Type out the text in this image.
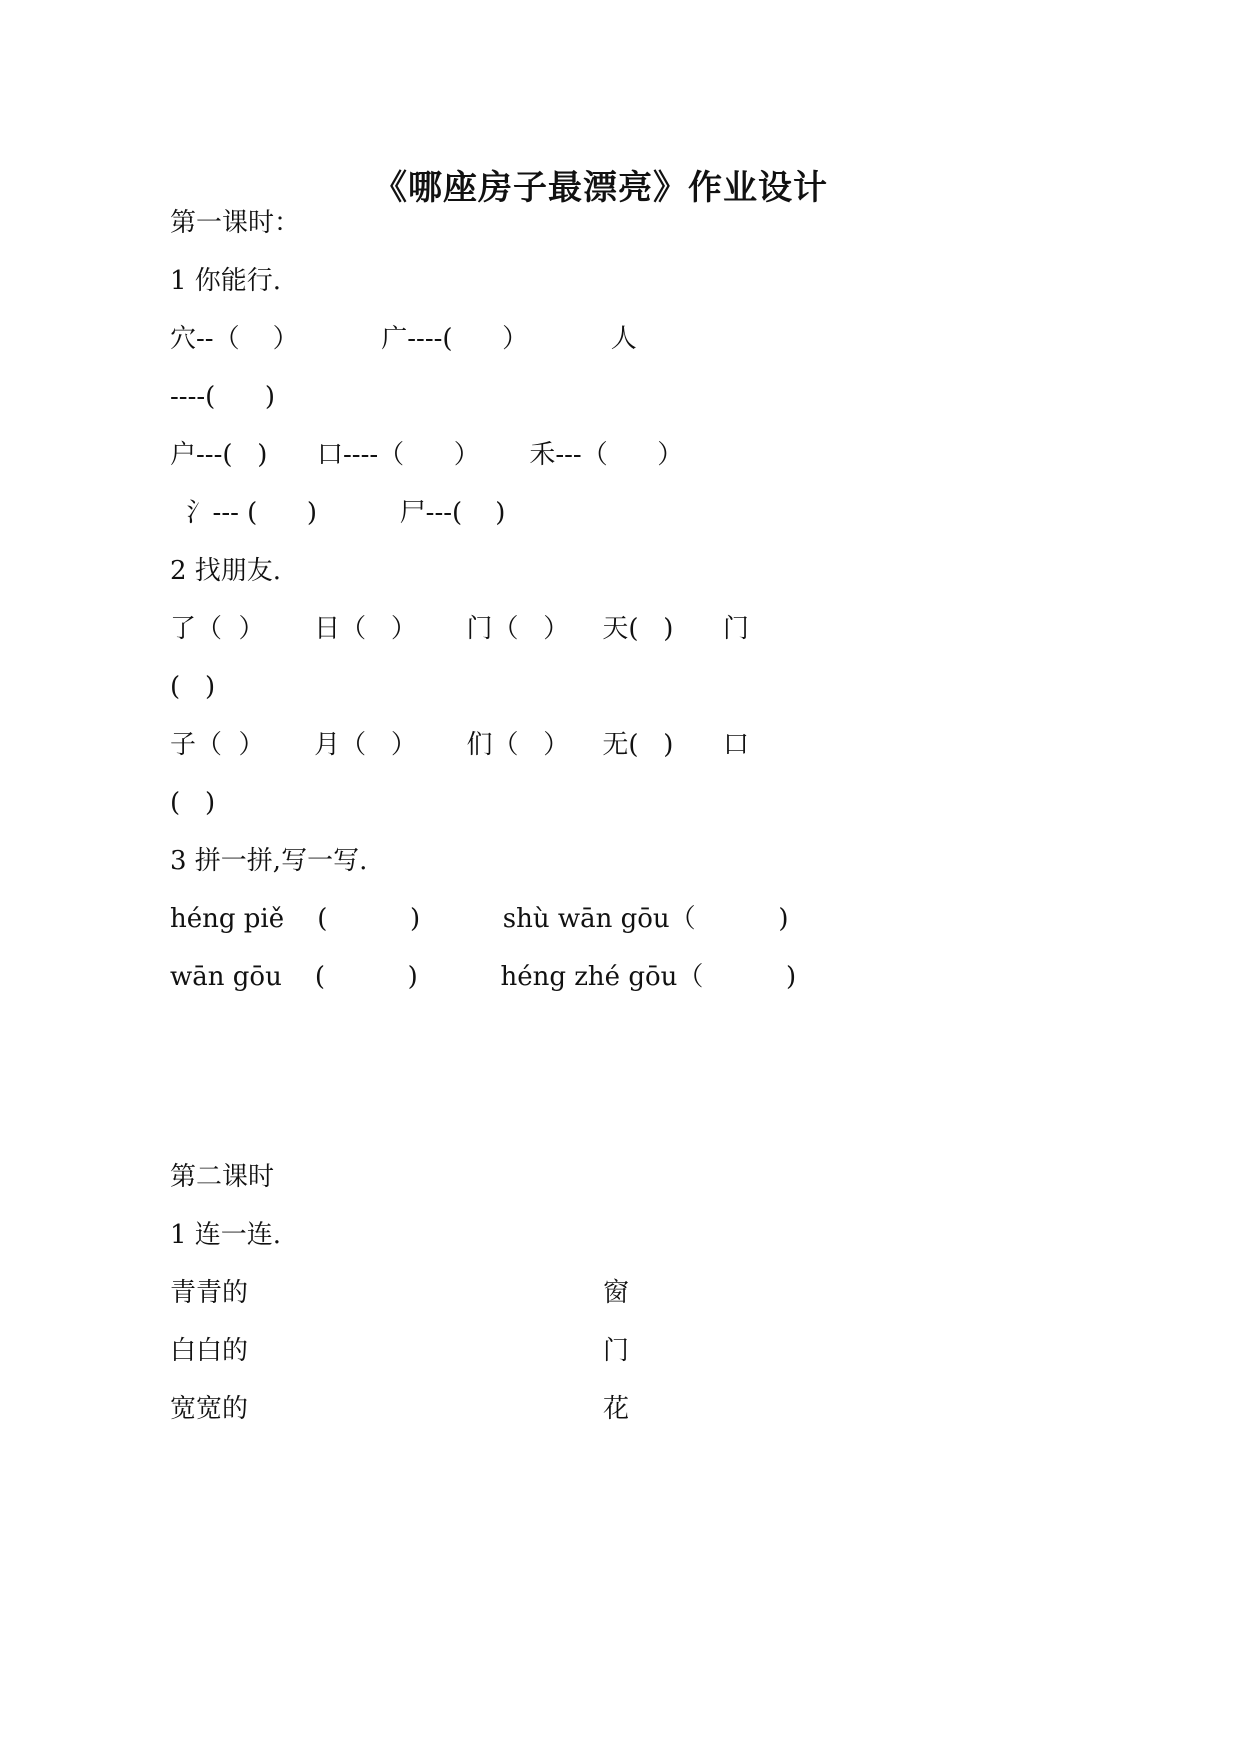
《哪座房子最漂亮》作业设计
第一课时：
1 你能行.
穴--（    ）          广----(      ）          人
----(      )
户---(   )      口----（      ）      禾---（      ）
氵--- (      )          尸---(    )
2 找朋友.
了（  ）      日（   ）      门（   ）    天(   )      门
(   )
子（  ）      月（   ）      们（   ）    无(   )      口
(   )
3 拼一拼,写一写.
héng piě    (          )          shù wān gōu（          )
wān gōu    (          )          héng zhé gōu（          )
第二课时
1 连一连.
青青的	窗
白白的	门
宽宽的	花
